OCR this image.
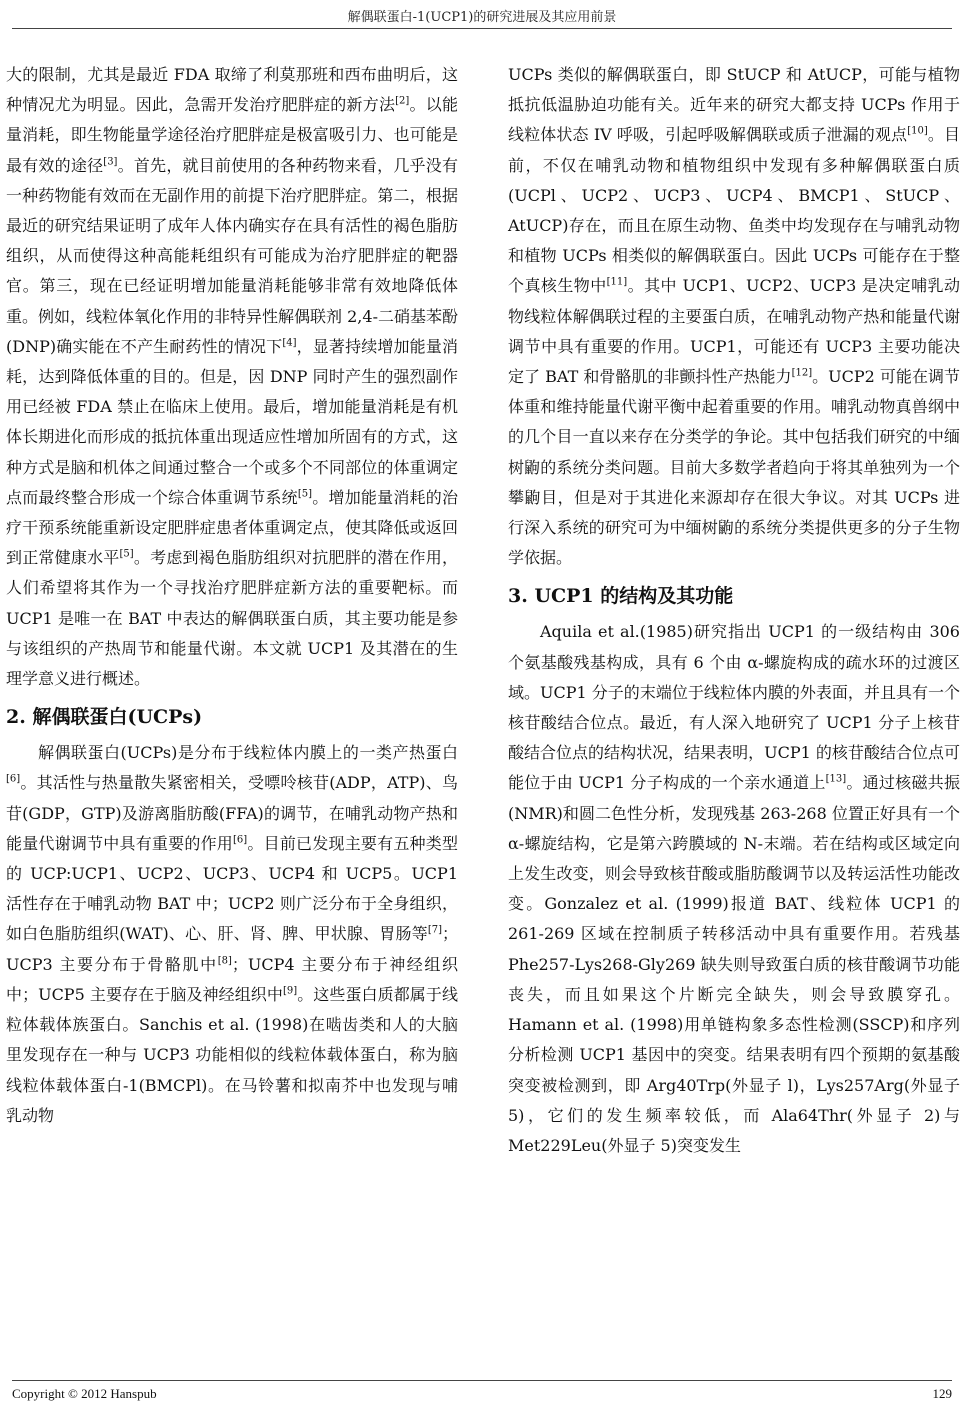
解偶联蛋白-1(UCP1)的研究进展及其应用前景

大的限制，尤其是最近 FDA 取缔了利莫那班和西布曲明后，这种情况尤为明显。因此，急需开发治疗肥胖症的新方法[2]。以能量消耗，即生物能量学途径治疗肥胖症是极富吸引力、也可能是最有效的途径[3]。首先，就目前使用的各种药物来看，几乎没有一种药物能有效而在无副作用的前提下治疗肥胖症。第二，根据最近的研究结果证明了成年人体内确实存在具有活性的褐色脂肪组织，从而使得这种高能耗组织有可能成为治疗肥胖症的靶器官。第三，现在已经证明增加能量消耗能够非常有效地降低体重。例如，线粒体氧化作用的非特异性解偶联剂 2,4-二硝基苯酚(DNP)确实能在不产生耐药性的情况下[4]，显著持续增加能量消耗，达到降低体重的目的。但是，因 DNP 同时产生的强烈副作用已经被 FDA 禁止在临床上使用。最后，增加能量消耗是有机体长期进化而形成的抵抗体重出现适应性增加所固有的方式，这种方式是脑和机体之间通过整合一个或多个不同部位的体重调定点而最终整合形成一个综合体重调节系统[5]。增加能量消耗的治疗干预系统能重新设定肥胖症患者体重调定点，使其降低或返回到正常健康水平[5]。考虑到褐色脂肪组织对抗肥胖的潜在作用，人们希望将其作为一个寻找治疗肥胖症新方法的重要靶标。而 UCP1 是唯一在 BAT 中表达的解偶联蛋白质，其主要功能是参与该组织的产热周节和能量代谢。本文就 UCP1 及其潜在的生理学意义进行概述。

2. 解偶联蛋白(UCPs)

解偶联蛋白(UCPs)是分布于线粒体内膜上的一类产热蛋白[6]。其活性与热量散失紧密相关，受嘌呤核苷(ADP，ATP)、鸟苷(GDP，GTP)及游离脂肪酸(FFA)的调节，在哺乳动物产热和能量代谢调节中具有重要的作用[6]。目前已发现主要有五种类型的 UCP:UCP1、UCP2、UCP3、UCP4 和 UCP5。UCP1 活性存在于哺乳动物 BAT 中；UCP2 则广泛分布于全身组织，如白色脂肪组织(WAT)、心、肝、肾、脾、甲状腺、胃肠等[7]；UCP3 主要分布于骨骼肌中[8]；UCP4 主要分布于神经组织中；UCP5 主要存在于脑及神经组织中[9]。这些蛋白质都属于线粒体载体族蛋白。Sanchis et al. (1998)在啮齿类和人的大脑里发现存在一种与 UCP3 功能相似的线粒体载体蛋白，称为脑线粒体载体蛋白-1(BMCPl)。在马铃薯和拟南芥中也发现与哺乳动物

UCPs 类似的解偶联蛋白，即 StUCP 和 AtUCP，可能与植物抵抗低温胁迫功能有关。近年来的研究大都支持 UCPs 作用于线粒体状态 IV 呼吸，引起呼吸解偶联或质子泄漏的观点[10]。目前，不仅在哺乳动物和植物组织中发现有多种解偶联蛋白质(UCPl、UCP2、UCP3、UCP4、BMCP1、StUCP、AtUCP)存在，而且在原生动物、鱼类中均发现存在与哺乳动物和植物 UCPs 相类似的解偶联蛋白。因此 UCPs 可能存在于整个真核生物中[11]。其中 UCP1、UCP2、UCP3 是决定哺乳动物线粒体解偶联过程的主要蛋白质，在哺乳动物产热和能量代谢调节中具有重要的作用。UCP1，可能还有 UCP3 主要功能决定了 BAT 和骨骼肌的非颤抖性产热能力[12]。UCP2 可能在调节体重和维持能量代谢平衡中起着重要的作用。哺乳动物真兽纲中的几个目一直以来存在分类学的争论。其中包括我们研究的中缅树鼩的系统分类问题。目前大多数学者趋向于将其单独列为一个攀鼩目，但是对于其进化来源却存在很大争议。对其 UCPs 进行深入系统的研究可为中缅树鼩的系统分类提供更多的分子生物学依据。

3. UCP1 的结构及其功能

Aquila et al.(1985)研究指出 UCP1 的一级结构由 306 个氨基酸残基构成，具有 6 个由 α-螺旋构成的疏水环的过渡区域。UCP1 分子的末端位于线粒体内膜的外表面，并且具有一个核苷酸结合位点。最近，有人深入地研究了 UCP1 分子上核苷酸结合位点的结构状况，结果表明，UCP1 的核苷酸结合位点可能位于由 UCP1 分子构成的一个亲水通道上[13]。通过核磁共振(NMR)和圆二色性分析，发现残基 263-268 位置正好具有一个 α-螺旋结构，它是第六跨膜域的 N-末端。若在结构或区域定向上发生改变，则会导致核苷酸或脂肪酸调节以及转运活性功能改变。Gonzalez et al. (1999)报道 BAT、线粒体 UCP1 的 261-269 区域在控制质子转移活动中具有重要作用。若残基 Phe257-Lys268-Gly269 缺失则导致蛋白质的核苷酸调节功能丧失，而且如果这个片断完全缺失，则会导致膜穿孔。Hamann et al. (1998)用单链构象多态性检测(SSCP)和序列分析检测 UCP1 基因中的突变。结果表明有四个预期的氨基酸突变被检测到，即 Arg40Trp(外显子 l)，Lys257Arg(外显子 5)，它们的发生频率较低，而 Ala64Thr(外显子 2)与 Met229Leu(外显子 5)突变发生

Copyright © 2012 Hanspub	129
